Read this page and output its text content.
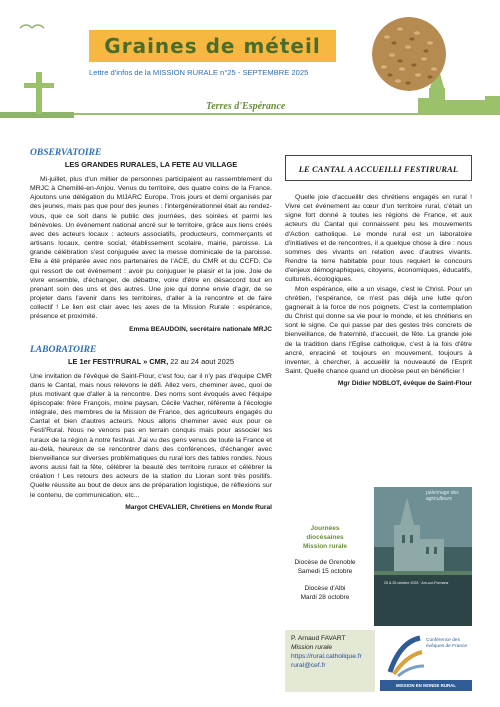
Graines de méteil
Lettre d'infos de la MISSION RURALE n°25 - SEPTEMBRE 2025
Terres d'Espérance
OBSERVATOIRE
LES GRANDES RURALES, LA FETE AU VILLAGE

Mi-juillet, plus d'un millier de personnes participaient au rassemblement du MRJC à Chemillé-en-Anjou. Venus du territoire, des quatre coins de la France. Ajoutons une délégation du MIJARC Europe. Trois jours et demi organisés par des jeunes, mais pas que pour des jeunes : l'intergénérationnel était au rendez-vous, que ce soit dans le public des journées, des soirées et parmi les bénévoles. Un événement national ancré sur le territoire, grâce aux liens créés avec des acteurs locaux : acteurs associatifs, producteurs, commerçants et artisans locaux, centre social, établissement scolaire, mairie, paroisse. La grande célébration s'est conjuguée avec la messe dominicale de la paroisse. Elle a été préparée avec nos partenaires de l'ACE, du CMR et du CCFD. Ce qui ressort de cet événement : avoir pu conjuguer le plaisir et la joie. Joie de vivre ensemble, d'échanger, de débattre, voire d'être en désaccord tout en prenant soin des uns et des autres. Une joie qui donne envie d'agir, de se projeter dans l'avenir dans les territoires, d'aller à la rencontre et de faire collectif ! Le lien est clair avec les axes de la Mission Rurale : espérance, présence et proximité.

Emma BEAUDOIN, secrétaire nationale MRJC
LABORATOIRE
LE 1er FESTI'RURAL » CMR, 22 au 24 aout 2025

Une invitation de l'évêque de Saint-Flour, c'est fou, car il n'y pas d'équipe CMR dans le Cantal, mais nous relevons le défi. Allez vers, cheminer avec, quoi de plus motivant que d'aller à la rencontre. Des noms sont évoqués avec l'équipe épiscopale: frère François, moine paysan, Cécile Vacher, référente à l'écologie intégrale, des membres de la Mission de France, des agriculteurs engagés du Cantal et bien d'autres acteurs. Nous allons cheminer avec eux pour ce Festi'Rural. Nous ne venons pas en terrain conquis mais pour associer les ruraux de la région à notre festival. J'ai vu des gens venus de toute la France et au-delà, heureux de se rencontrer dans des conférences, d'échanger avec bienveillance sur diverses problématiques du rural lors des tables rondes. Nous avons aussi fait la fête, célébrer la beauté des territoire ruraux et célébrer la création ! Les retours des acteurs de la station du Lioran sont très positifs. Quelle réussite au bout de deux ans de préparation logistique, de réflexions sur le contenu, de communication, etc...

Margot CHEVALIER, Chrétiens en Monde Rural
LE CANTAL A ACCUEILLI FESTIRURAL

Quelle joie d'accueillir des chrétiens engagés en rural ! Vivre cet événement au cœur d'un territoire rural, c'était un signe fort donné à toutes les régions de France, et aux acteurs du Cantal qui connaissent peu les mouvements d'Action catholique. Le monde rural est un laboratoire d'initiatives et de rencontres, il a quelque chose à dire : nous sommes des vivants en relation avec d'autres vivants. Rendre la terre habitable pour tous requiert le concours d'enjeux démographiques, citoyens, économiques, éducatifs, culturels, écologiques.

Mon espérance, elle a un visage, c'est le Christ. Pour un chrétien, l'espérance, ce n'est pas déjà une lutte qu'on gagnerait à la force de nos poignets. C'est la contemplation du Christ qui donne sa vie pour le monde, et les chrétiens en sont le signe. Ce qui passe par des gestes très concrets de bienveillance, de fraternité, d'accueil, de fête. La grande joie de la tradition dans l'Eglise catholique, c'est à la fois d'être ancré, enraciné et toujours en mouvement, toujours à inventer, à chercher, à accueillir la nouveauté de l'Esprit Saint. Quelle chance quand un diocèse peut en bénéficier !

Mgr Didier NOBLOT, évêque de Saint-Flour
Journées
diocésaines
Mission rurale
Diocèse de Grenoble
Samedi 15 octobre
Diocèse d'Albi
Mardi 28 octobre
pèlerinage des agriculteurs
25 & 26 octobre 2025 · Ars-sur-Formans
P. Arnaud FAVART
Mission rurale
https://rural.catholique.fr
rural@cef.fr
Conférence des évêques de France
MISSION EN MONDE RURAL
